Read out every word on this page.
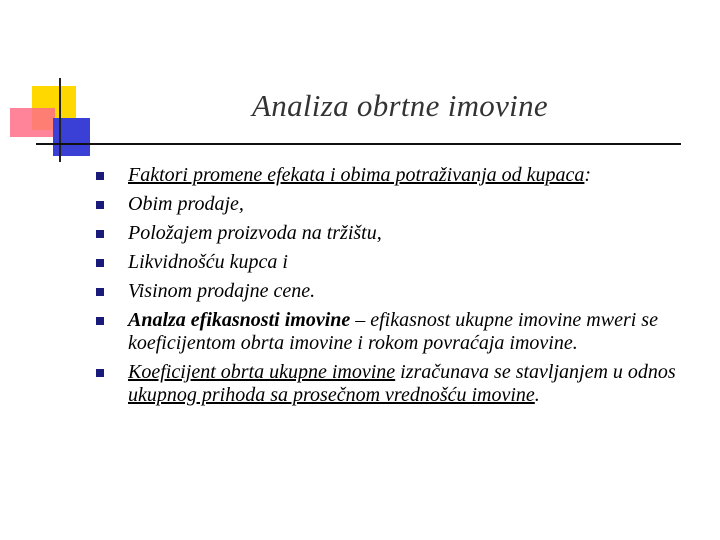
Analiza obrtne imovine
Faktori promene efekata i obima potraživanja od kupaca:
Obim prodaje,
Položajem proizvoda na tržištu,
Likvidnošću kupca i
Visinom prodajne cene.
Analza efikasnosti imovine – efikasnost ukupne imovine mweri se koeficijentom obrta imovine i rokom povraćaja imovine.
Koeficijent obrta ukupne imovine izračunava se stavljanjem u odnos ukupnog prihoda sa prosečnom vrednošću imovine.
